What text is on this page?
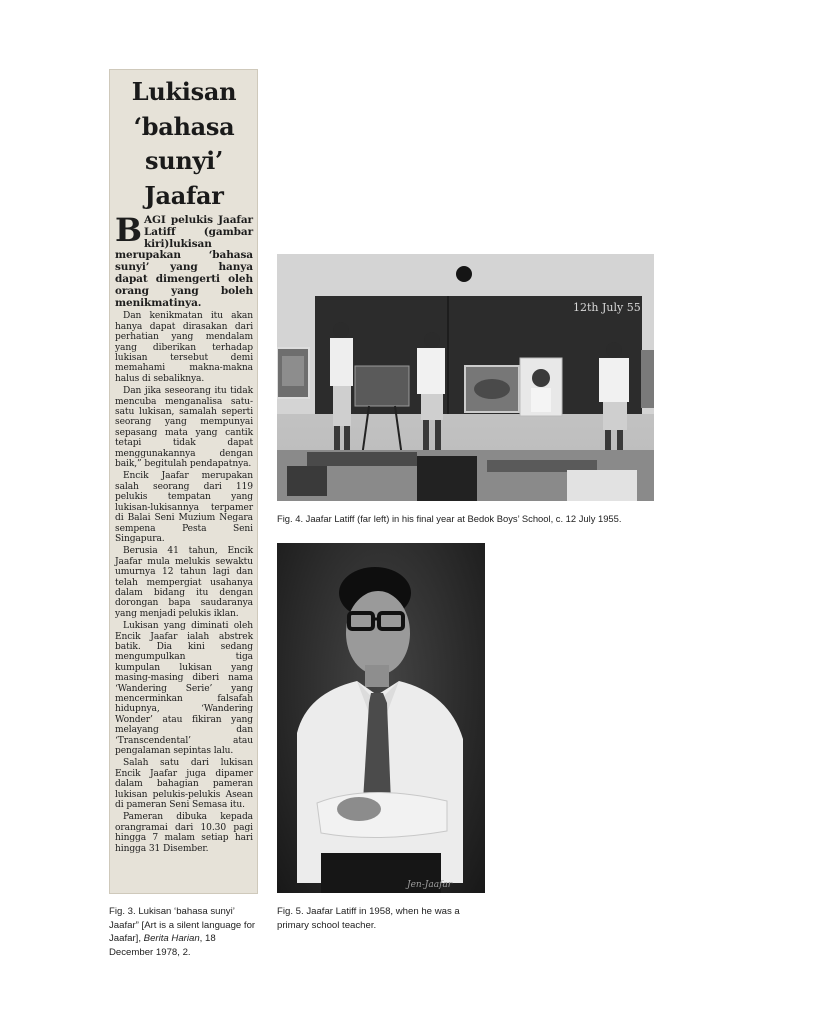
Lukisan
‘bahasa
sunyi’
Jaafar

BAGI pelukis Jaafar Latiff (gambar kiri)lukisan merupakan ‘bahasa sunyi’ yang hanya dapat dimengerti oleh orang yang boleh menikmatinya.

Dan kenikmatan itu akan hanya dapat dirasakan dari perhatian yang mendalam yang diberikan terhadap lukisan tersebut demi memahami makna-makna halus di sebaliknya.

Dan jika seseorang itu tidak mencuba menganalisa satu-satu lukisan, samalah seperti seorang yang mempunyai sepasang mata yang cantik tetapi tidak dapat menggunakannya dengan baik,” begitulah pendapatnya.

Encik Jaafar merupakan salah seorang dari 119 pelukis tempatan yang lukisan-lukisannya terpamer di Balai Seni Muzium Negara sempena Pesta Seni Singapura.

Berusia 41 tahun, Encik Jaafar mula melukis sewaktu umurnya 12 tahun lagi dan telah mempergiat usahanya dalam bidang itu dengan dorongan bapa saudaranya yang menjadi pelukis iklan.

Lukisan yang diminati oleh Encik Jaafar ialah abstrek batik. Dia kini sedang mengumpulkan tiga kumpulan lukisan yang masing-masing diberi nama ‘Wandering Serie’ yang mencerminkan falsafah hidupnya, ‘Wandering Wonder’ atau fikiran yang melayang dan ‘Transcendental’ atau pengalaman sepintas lalu.

Salah satu dari lukisan Encik Jaafar juga dipamer dalam bahagian pameran lukisan pelukis-pelukis Asean di pameran Seni Semasa itu.

Pameran dibuka kepada orangramai dari 10.30 pagi hingga 7 malam setiap hari hingga 31 Disember.

Fig. 3. Lukisan ‘bahasa sunyi’ Jaafar” [Art is a silent language for Jaafar], Berita Harian, 18 December 1978, 2.
12th July 55
Fig. 4. Jaafar Latiff (far left) in his final year at Bedok Boys’ School, c. 12 July 1955.
Jen-Jaafar
Fig. 5. Jaafar Latiff in 1958, when he was a primary school teacher.
